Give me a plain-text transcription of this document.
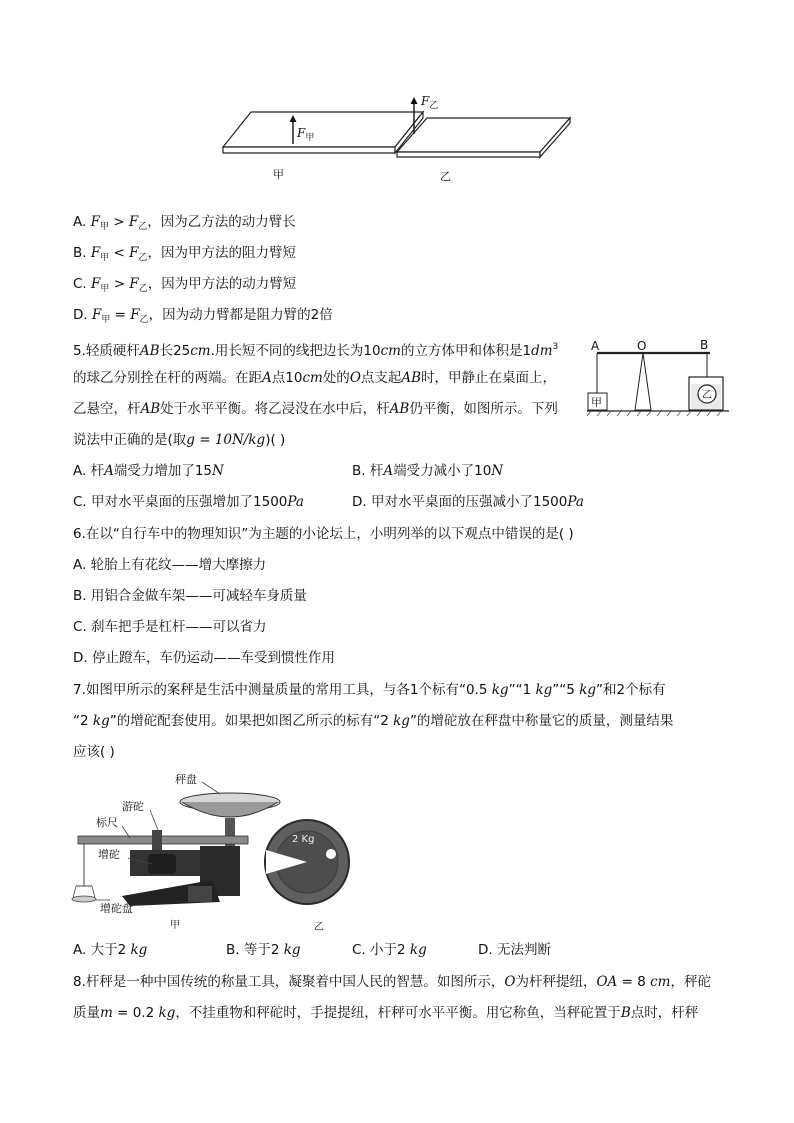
$F_甲$
$F_乙$
甲	乙
A. $F_甲 > F_乙$，因为乙方法的动力臂长
B. $F_甲 < F_乙$，因为甲方法的阻力臂短
C. $F_甲 > F_乙$，因为甲方法的动力臂短
D. $F_甲 = F_乙$，因为动力臂都是阻力臂的2倍
5.轻质硬杆AB长25cm.用长短不同的线把边长为10cm的立方体甲和体积是$1dm^3$
的球乙分别拴在杆的两端。在距A点10cm处的O点支起AB时，甲静止在桌面上，
乙悬空，杆AB处于水平平衡。将乙浸没在水中后，杆AB仍平衡，如图所示。下列
说法中正确的是(取g = 10N/kg)( )
A	O	B
甲
乙
A. 杆A端受力增加了15N	B. 杆A端受力减小了10N
C. 甲对水平桌面的压强增加了1500Pa	D. 甲对水平桌面的压强减小了1500Pa
6.在以“自行车中的物理知识”为主题的小论坛上，小明列举的以下观点中错误的是( )
A. 轮胎上有花纹——增大摩擦力
B. 用铝合金做车架——可减轻车身质量
C. 刹车把手是杠杆——可以省力
D. 停止蹬车，车仍运动——车受到惯性作用
7.如图甲所示的案秤是生活中测量质量的常用工具，与各1个标有“0.5 kg”“1 kg”“5 kg”和2个标有
“2 kg”的增砣配套使用。如果把如图乙所示的标有“2 kg”的增砣放在秤盘中称量它的质量，测量结果
应该( )
秤盘
游砣
标尺
增砣
增砣盘
2 Kg
甲	乙
A. 大于2 kg	B. 等于2 kg	C. 小于2 kg	D. 无法判断
8.杆秤是一种中国传统的称量工具，凝聚着中国人民的智慧。如图所示，O为杆秤提纽，OA = 8 cm，秤砣
质量m = 0.2 kg，不挂重物和秤砣时，手提提纽，杆秤可水平平衡。用它称鱼，当秤砣置于B点时，杆秤
